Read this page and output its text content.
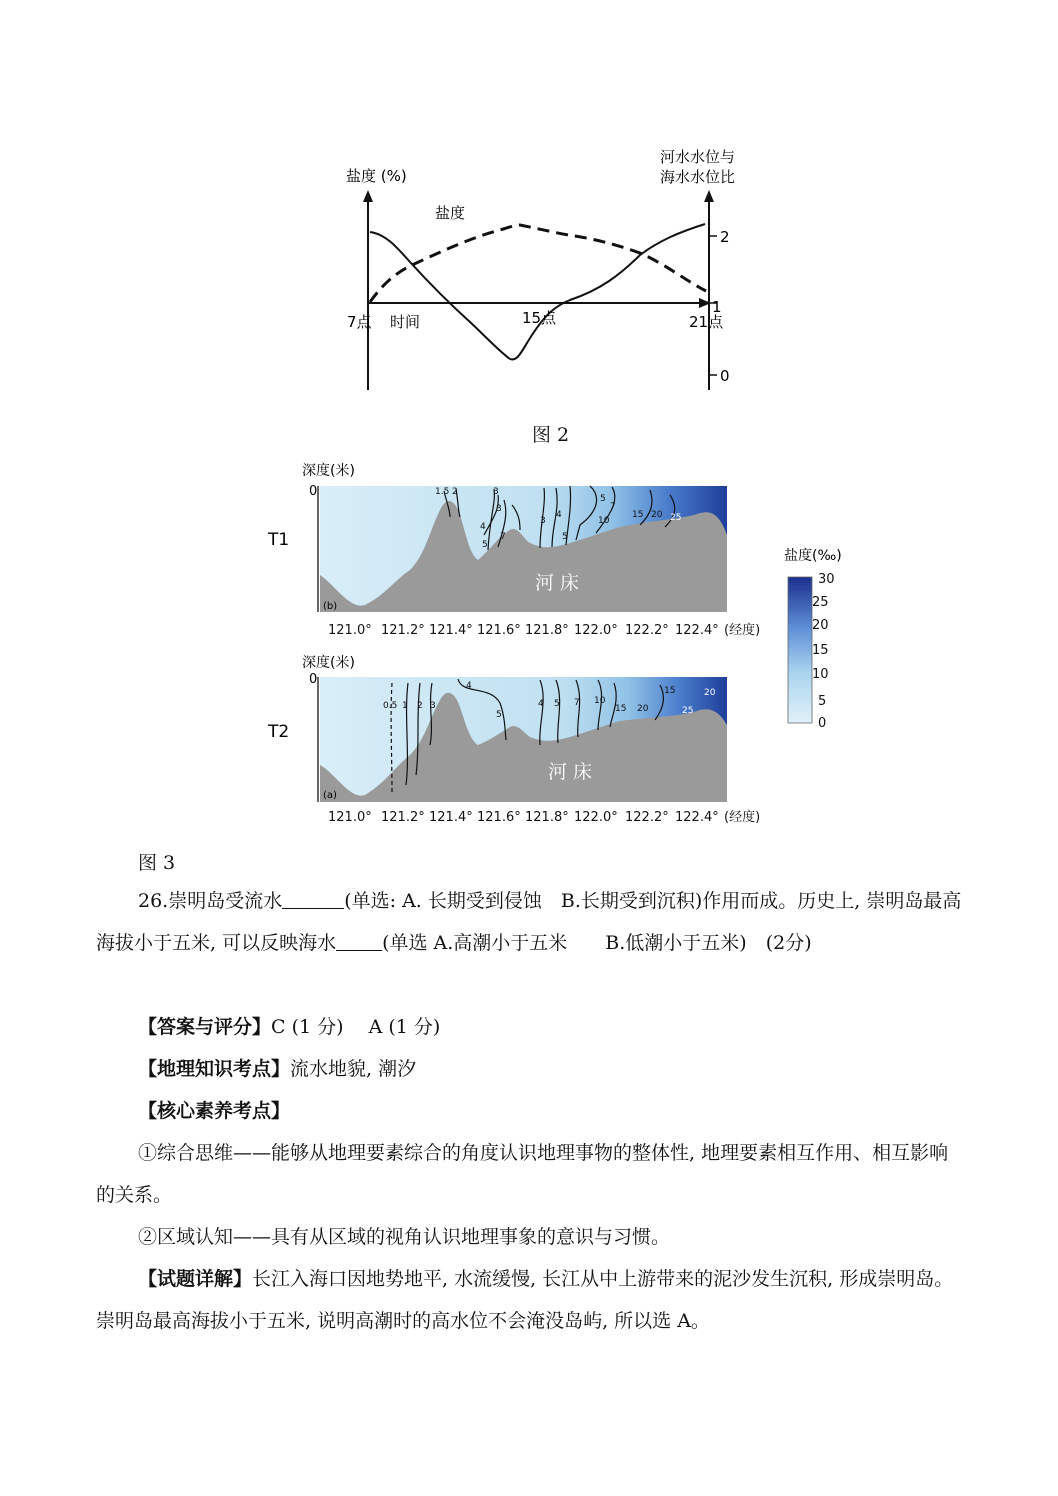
盐度 (%)
河水水位与
海水水位比
盐度
7点 时间	15点	21点
2
1
0
图 2
T1
深度(米)
0	1.5 2	3
3
4
5
7
3
4
5
5
7
10
15 20 25
(b)
河 床
121.0° 121.2° 121.4° 121.6° 121.8° 122.0° 122.2° 122.4° (经度)
T2
深度(米)
0
0.5 1 2 3
4
5
4 5 7 10
15 20	25
15	20
(a)
河 床
121.0° 121.2° 121.4° 121.6° 121.8° 122.0° 122.2° 122.4° (经度)
盐度(‰)
30
25
20
15
10
5
0
图 3
26.崇明岛受流水	(单选: A. 长期受到侵蚀　B.长期受到沉积)作用而成。历史上, 崇明岛最高海拔小于五米, 可以反映海水 (单选 A.高潮小于五米　　B.低潮小于五米)　(2分)
【答案与评分】C (1 分)　 A (1 分)
【地理知识考点】流水地貌, 潮汐
【核心素养考点】
①综合思维——能够从地理要素综合的角度认识地理事物的整体性, 地理要素相互作用、相互影响的关系。
②区域认知——具有从区域的视角认识地理事象的意识与习惯。
【试题详解】长江入海口因地势地平, 水流缓慢, 长江从中上游带来的泥沙发生沉积, 形成崇明岛。崇明岛最高海拔小于五米, 说明高潮时的高水位不会淹没岛屿, 所以选 A。
